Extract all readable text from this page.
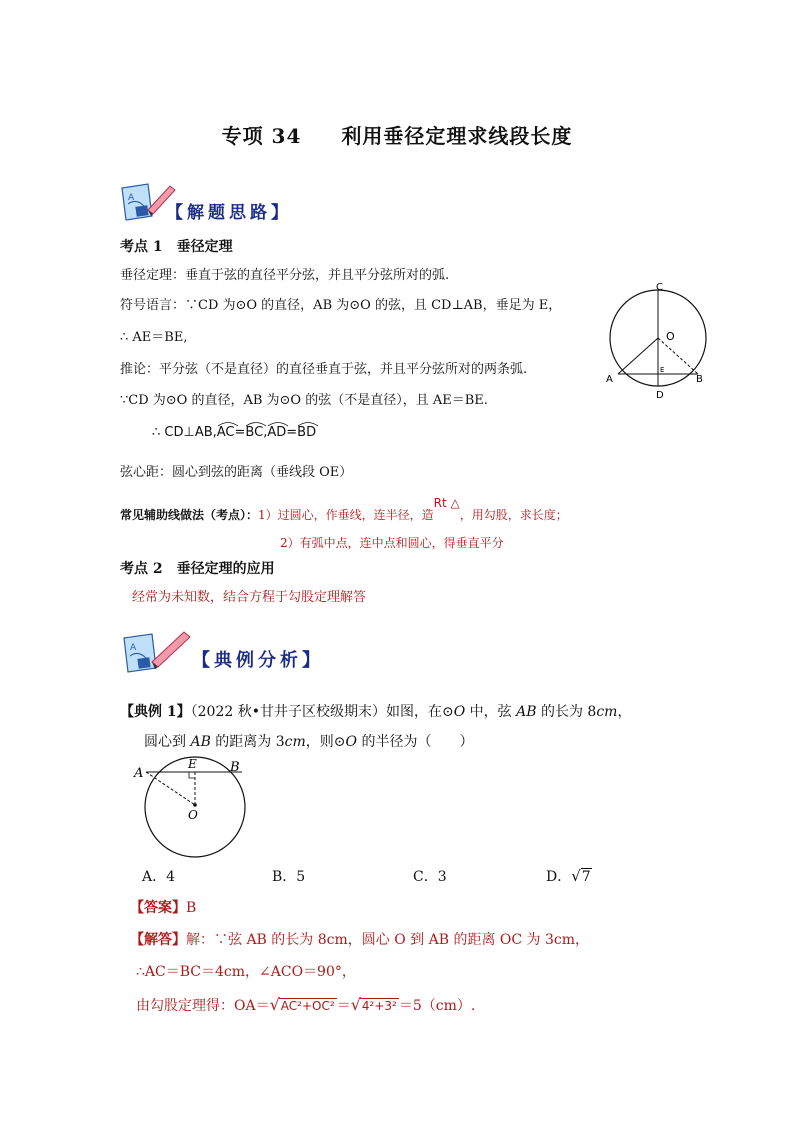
专项 34 利用垂径定理求线段长度
A
【解题思路】
考点 1　垂径定理
垂径定理：垂直于弦的直径平分弦，并且平分弦所对的弧.
符号语言：∵CD 为⊙O 的直径，AB 为⊙O 的弦，且 CD⊥AB，垂足为 E，
∴ AE＝BE,
推论：平分弦（不是直径）的直径垂直于弦，并且平分弦所对的两条弧.
∵CD 为⊙O 的直径，AB 为⊙O 的弦（不是直径），且 AE＝BE.
∴ CD⊥AB,
AC=
BC,
AD=
BD
弦心距：圆心到弦的距离（垂线段 OE）
常见辅助线做法（考点）：1）过圆心，作垂线，连半径，造Rt △，用勾股，求长度；
2）有弧中点，连中点和圆心，得垂直平分
C
O
A
E
B
D
考点 2　垂径定理的应用
经常为未知数，结合方程于勾股定理解答
A
【典例分析】
【典例 1】（2022 秋•甘井子区校级期末）如图，在⊙O 中，弦 AB 的长为 8cm，
圆心到 AB 的距离为 3cm，则⊙O 的半径为（　　）
A
E	B
O
A．4	B．5	C．3	D．√7
【答案】B
【解答】解：∵弦 AB 的长为 8cm，圆心 O 到 AB 的距离 OC 为 3cm，
∴AC＝BC＝4cm，∠ACO＝90°，
由勾股定理得：OA＝√AC²+OC² ＝√4²+3² ＝5（cm）.
